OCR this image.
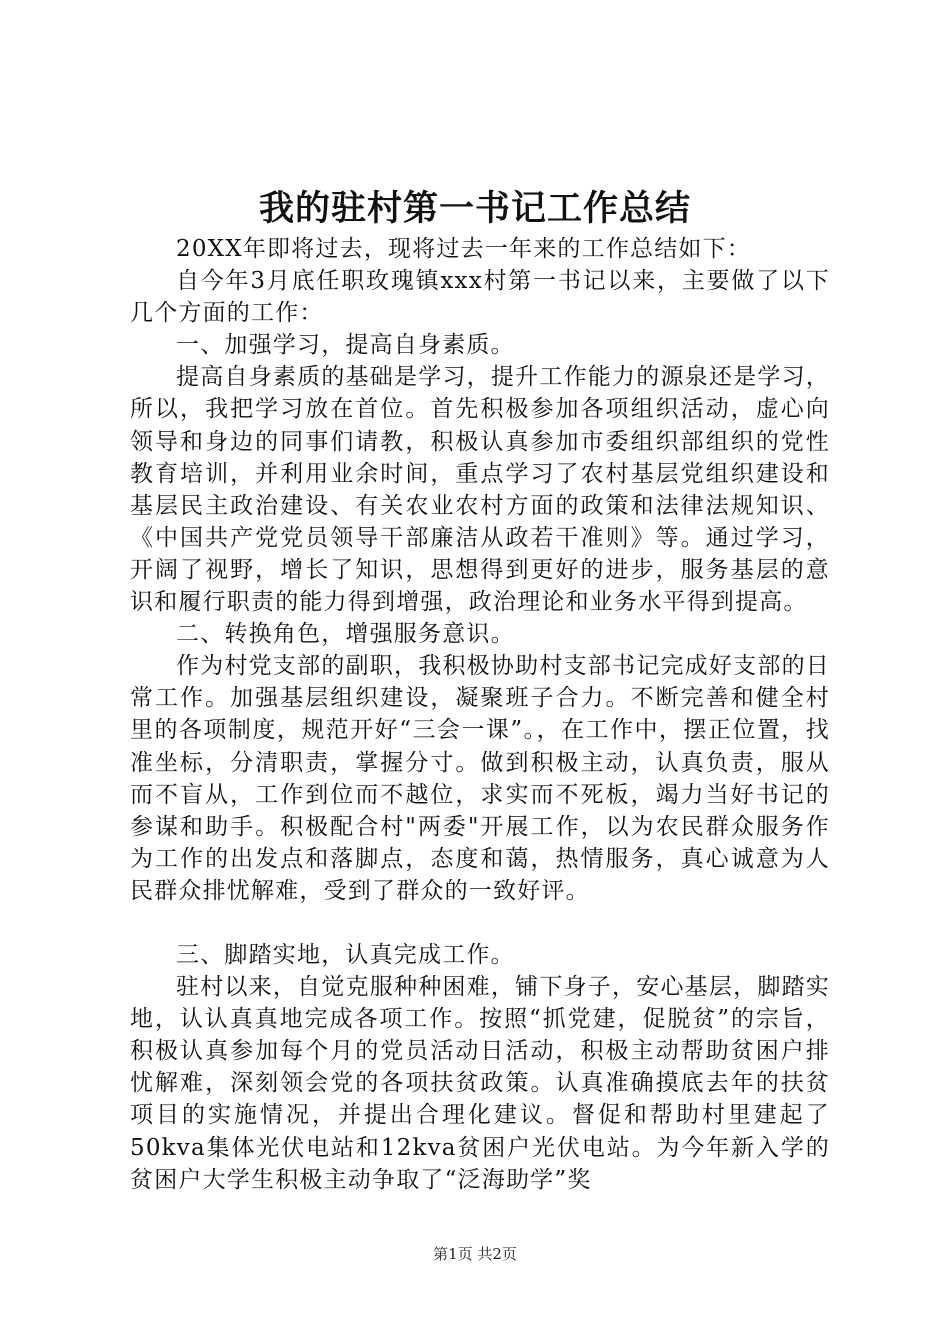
我的驻村第一书记工作总结

20XX年即将过去，现将过去一年来的工作总结如下：

自今年3月底任职玫瑰镇xxx村第一书记以来，主要做了以下几个方面的工作：

一、加强学习，提高自身素质。

提高自身素质的基础是学习，提升工作能力的源泉还是学习，所以，我把学习放在首位。首先积极参加各项组织活动，虚心向领导和身边的同事们请教，积极认真参加市委组织部组织的党性教育培训，并利用业余时间，重点学习了农村基层党组织建设和基层民主政治建设、有关农业农村方面的政策和法律法规知识、《中国共产党党员领导干部廉洁从政若干准则》等。通过学习，开阔了视野，增长了知识，思想得到更好的进步，服务基层的意识和履行职责的能力得到增强，政治理论和业务水平得到提高。

二、转换角色，增强服务意识。

作为村党支部的副职，我积极协助村支部书记完成好支部的日常工作。加强基层组织建设，凝聚班子合力。不断完善和健全村里的各项制度，规范开好“三会一课”。，在工作中，摆正位置，找准坐标，分清职责，掌握分寸。做到积极主动，认真负责，服从而不盲从，工作到位而不越位，求实而不死板，竭力当好书记的参谋和助手。积极配合村"两委"开展工作，以为农民群众服务作为工作的出发点和落脚点，态度和蔼，热情服务，真心诚意为人民群众排忧解难，受到了群众的一致好评。

三、脚踏实地，认真完成工作。

驻村以来，自觉克服种种困难，铺下身子，安心基层，脚踏实地，认认真真地完成各项工作。按照“抓党建，促脱贫”的宗旨，积极认真参加每个月的党员活动日活动，积极主动帮助贫困户排忧解难，深刻领会党的各项扶贫政策。认真准确摸底去年的扶贫项目的实施情况，并提出合理化建议。督促和帮助村里建起了50kva集体光伏电站和12kva贫困户光伏电站。为今年新入学的贫困户大学生积极主动争取了“泛海助学”奖

第1页 共2页
